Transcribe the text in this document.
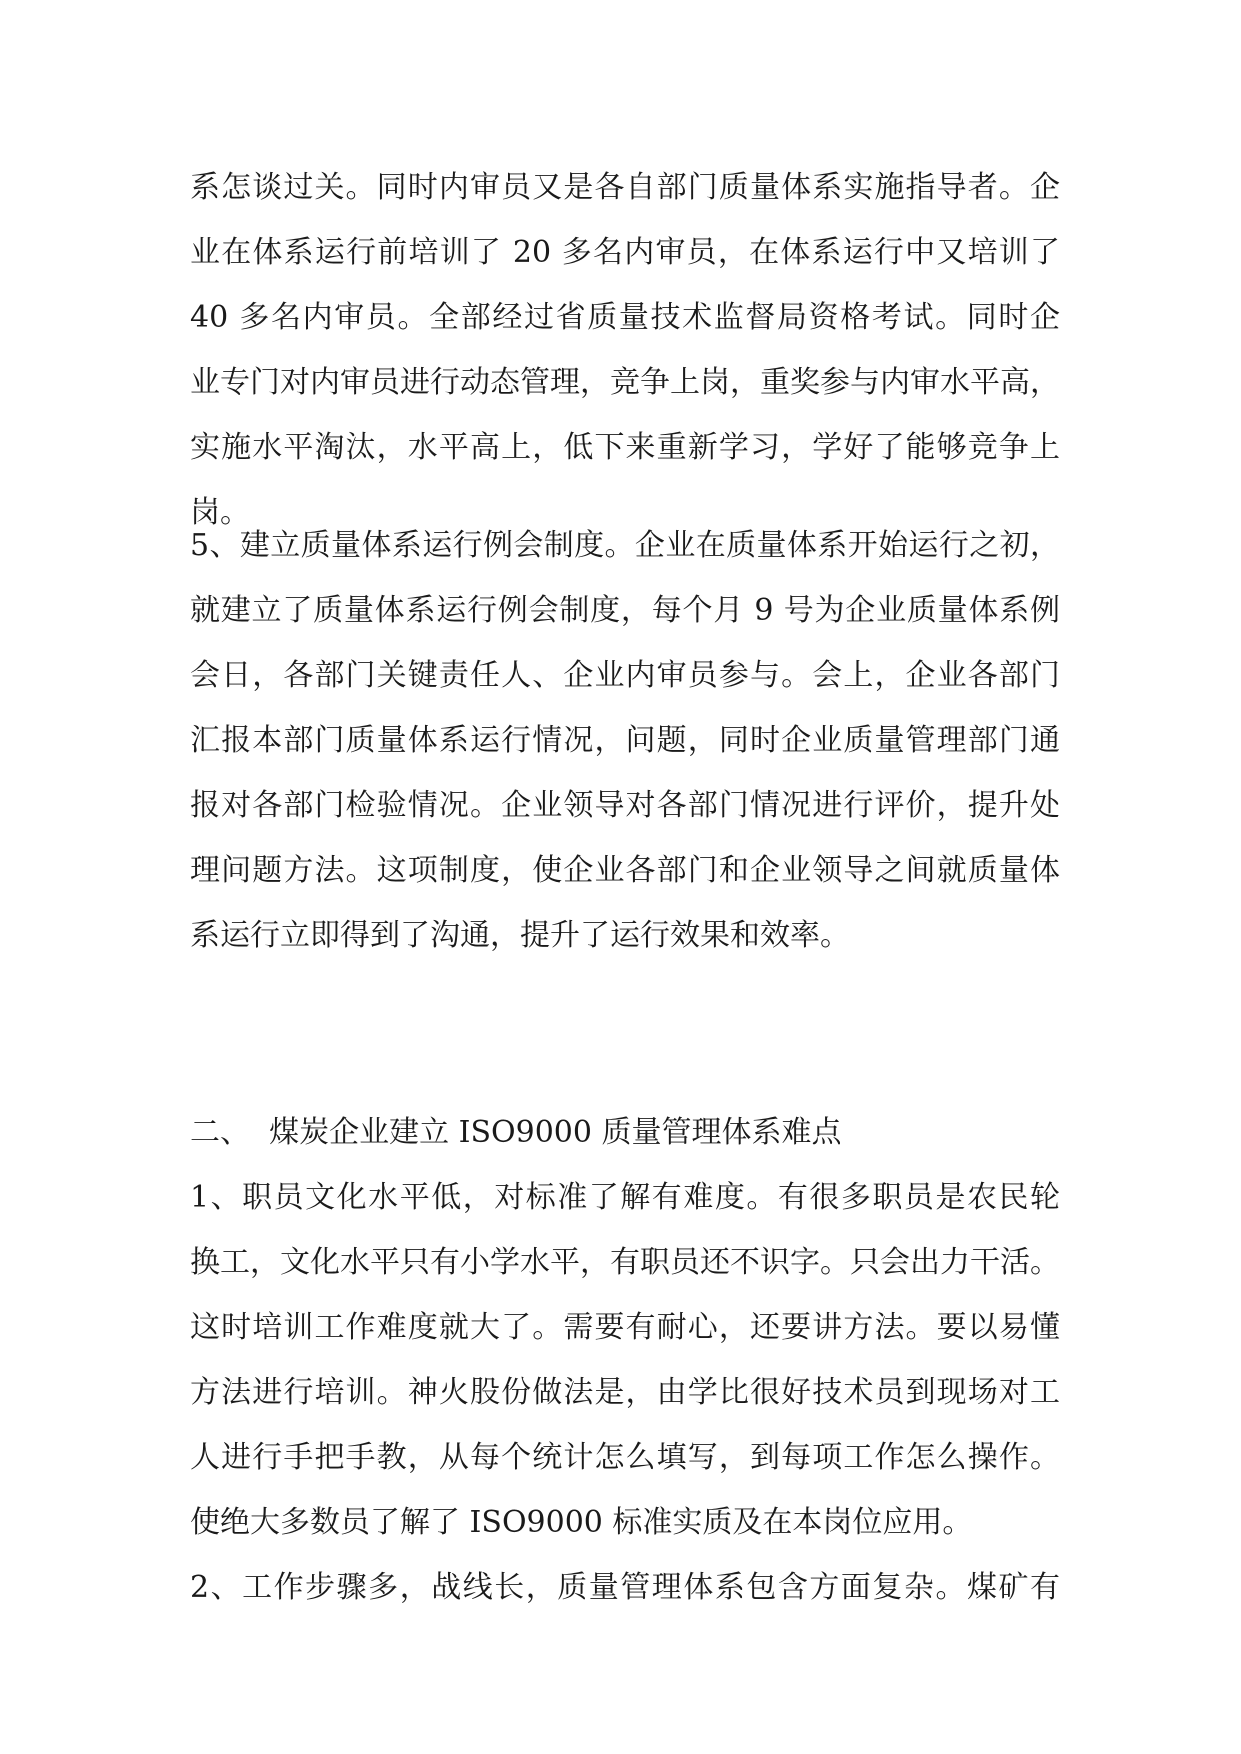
系怎谈过关。同时内审员又是各自部门质量体系实施指导者。企
业在体系运行前培训了 20 多名内审员，在体系运行中又培训了
40 多名内审员。全部经过省质量技术监督局资格考试。同时企
业专门对内审员进行动态管理，竞争上岗，重奖参与内审水平高，
实施水平淘汰，水平高上，低下来重新学习，学好了能够竞争上
岗。
5、建立质量体系运行例会制度。企业在质量体系开始运行之初，
就建立了质量体系运行例会制度，每个月 9 号为企业质量体系例
会日，各部门关键责任人、企业内审员参与。会上，企业各部门
汇报本部门质量体系运行情况，问题，同时企业质量管理部门通
报对各部门检验情况。企业领导对各部门情况进行评价，提升处
理问题方法。这项制度，使企业各部门和企业领导之间就质量体
系运行立即得到了沟通，提升了运行效果和效率。
二、  煤炭企业建立 ISO9000 质量管理体系难点
1、职员文化水平低，对标准了解有难度。有很多职员是农民轮
换工，文化水平只有小学水平，有职员还不识字。只会出力干活。
这时培训工作难度就大了。需要有耐心，还要讲方法。要以易懂
方法进行培训。神火股份做法是，由学比很好技术员到现场对工
人进行手把手教，从每个统计怎么填写，到每项工作怎么操作。
使绝大多数员了解了 ISO9000 标准实质及在本岗位应用。
2、工作步骤多，战线长，质量管理体系包含方面复杂。煤矿有
